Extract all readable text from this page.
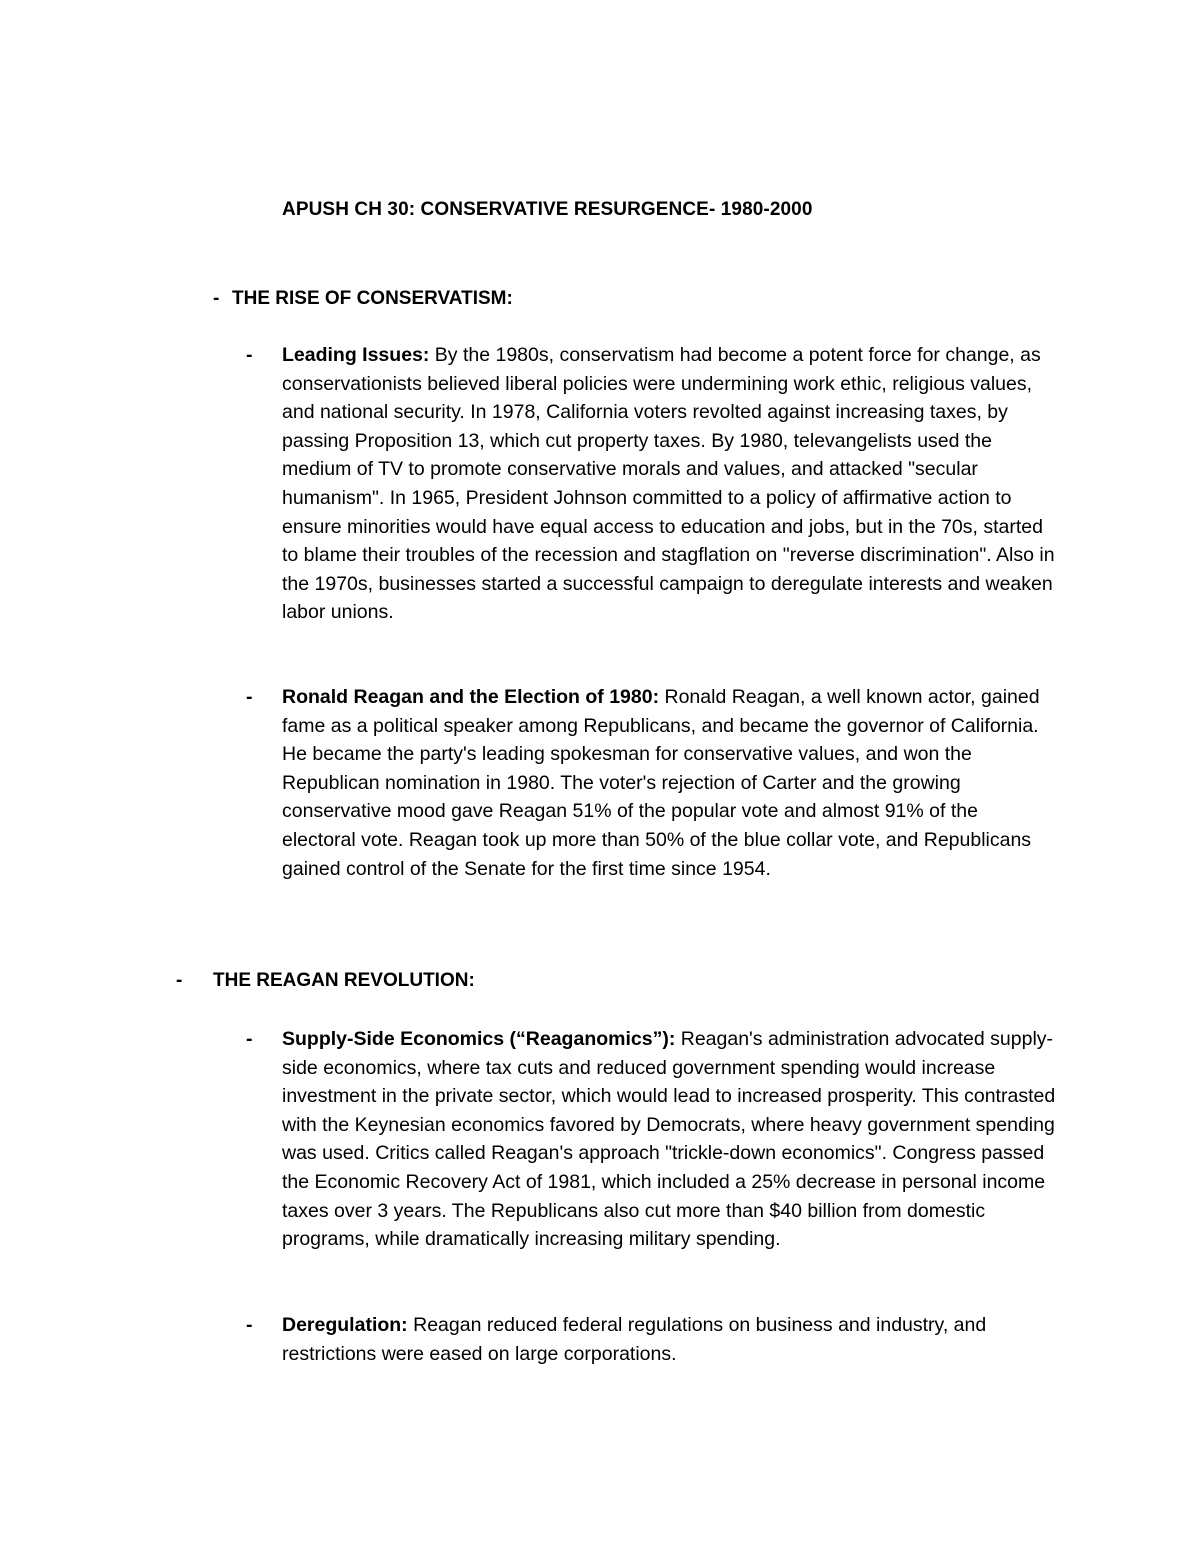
APUSH CH 30: CONSERVATIVE RESURGENCE- 1980-2000
- THE RISE OF CONSERVATISM:
- Leading Issues: By the 1980s, conservatism had become a potent force for change, as conservationists believed liberal policies were undermining work ethic, religious values, and national security. In 1978, California voters revolted against increasing taxes, by passing Proposition 13, which cut property taxes. By 1980, televangelists used the medium of TV to promote conservative morals and values, and attacked "secular humanism". In 1965, President Johnson committed to a policy of affirmative action to ensure minorities would have equal access to education and jobs, but in the 70s, started to blame their troubles of the recession and stagflation on "reverse discrimination". Also in the 1970s, businesses started a successful campaign to deregulate interests and weaken labor unions.

- Ronald Reagan and the Election of 1980: Ronald Reagan, a well known actor, gained fame as a political speaker among Republicans, and became the governor of California. He became the party's leading spokesman for conservative values, and won the Republican nomination in 1980. The voter's rejection of Carter and the growing conservative mood gave Reagan 51% of the popular vote and almost 91% of the electoral vote. Reagan took up more than 50% of the blue collar vote, and Republicans gained control of the Senate for the first time since 1954.

- THE REAGAN REVOLUTION:
- Supply-Side Economics (“Reaganomics”): Reagan's administration advocated supply-side economics, where tax cuts and reduced government spending would increase investment in the private sector, which would lead to increased prosperity. This contrasted with the Keynesian economics favored by Democrats, where heavy government spending was used. Critics called Reagan's approach "trickle-down economics". Congress passed the Economic Recovery Act of 1981, which included a 25% decrease in personal income taxes over 3 years. The Republicans also cut more than $40 billion from domestic programs, while dramatically increasing military spending.

- Deregulation: Reagan reduced federal regulations on business and industry, and restrictions were eased on large corporations.
